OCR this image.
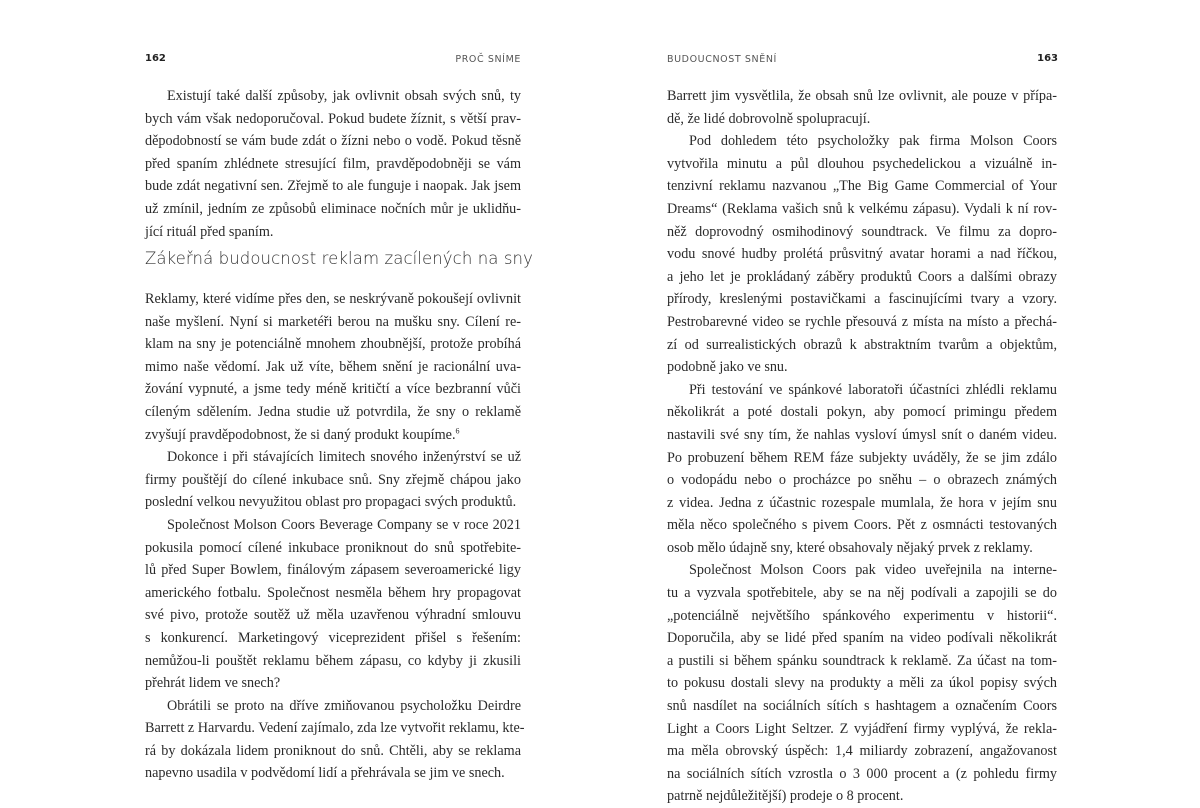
162	PROČ SNÍME

Existují také další způsoby, jak ovlivnit obsah svých snů, ty
bych vám však nedoporučoval. Pokud budete žíznit, s větší prav-
děpodobností se vám bude zdát o žízni nebo o vodě. Pokud těsně
před spaním zhlédnete stresující film, pravděpodobněji se vám
bude zdát negativní sen. Zřejmě to ale funguje i naopak. Jak jsem
už zmínil, jedním ze způsobů eliminace nočních můr je uklidňu-
jící rituál před spaním.

Zákeřná budoucnost reklam zacílených na sny

Reklamy, které vidíme přes den, se neskrývaně pokoušejí ovlivnit
naše myšlení. Nyní si marketéři berou na mušku sny. Cílení re-
klam na sny je potenciálně mnohem zhoubnější, protože probíhá
mimo naše vědomí. Jak už víte, během snění je racionální uva-
žování vypnuté, a jsme tedy méně kritičtí a více bezbranní vůči
cíleným sdělením. Jedna studie už potvrdila, že sny o reklamě
zvyšují pravděpodobnost, že si daný produkt koupíme.$^6$

Dokonce i při stávajících limitech snového inženýrství se už
firmy pouštějí do cílené inkubace snů. Sny zřejmě chápou jako
poslední velkou nevyužitou oblast pro propagaci svých produktů.

Společnost Molson Coors Beverage Company se v roce 2021
pokusila pomocí cílené inkubace proniknout do snů spotřebite-
lů před Super Bowlem, finálovým zápasem severoamerické ligy
amerického fotbalu. Společnost nesměla během hry propagovat
své pivo, protože soutěž už měla uzavřenou výhradní smlouvu
s konkurencí. Marketingový viceprezident přišel s řešením:
nemůžou-li pouštět reklamu během zápasu, co kdyby ji zkusili
přehrát lidem ve snech?

Obrátili se proto na dříve zmiňovanou psycholožku Deirdre
Barrett z Harvardu. Vedení zajímalo, zda lze vytvořit reklamu, kte-
rá by dokázala lidem proniknout do snů. Chtěli, aby se reklama
napevno usadila v podvědomí lidí a přehrávala se jim ve snech.

BUDOUCNOST SNĚNÍ	163

Barrett jim vysvětlila, že obsah snů lze ovlivnit, ale pouze v přípa-
dě, že lidé dobrovolně spolupracují.

Pod dohledem této psycholožky pak firma Molson Coors
vytvořila minutu a půl dlouhou psychedelickou a vizuálně in-
tenzivní reklamu nazvanou „The Big Game Commercial of Your
Dreams“ (Reklama vašich snů k velkému zápasu). Vydali k ní rov-
něž doprovodný osmihodinový soundtrack. Ve filmu za dopro-
vodu snové hudby prolétá průsvitný avatar horami a nad říčkou,
a jeho let je prokládaný záběry produktů Coors a dalšími obrazy
přírody, kreslenými postavičkami a fascinujícími tvary a vzory.
Pestrobarevné video se rychle přesouvá z místa na místo a přechá-
zí od surrealistických obrazů k abstraktním tvarům a objektům,
podobně jako ve snu.

Při testování ve spánkové laboratoři účastníci zhlédli reklamu
několikrát a poté dostali pokyn, aby pomocí primingu předem
nastavili své sny tím, že nahlas vysloví úmysl snít o daném videu.
Po probuzení během REM fáze subjekty uváděly, že se jim zdálo
o vodopádu nebo o procházce po sněhu – o obrazech známých
z videa. Jedna z účastnic rozespale mumlala, že hora v jejím snu
měla něco společného s pivem Coors. Pět z osmnácti testovaných
osob mělo údajně sny, které obsahovaly nějaký prvek z reklamy.

Společnost Molson Coors pak video uveřejnila na interne-
tu a vyzvala spotřebitele, aby se na něj podívali a zapojili se do
„potenciálně největšího spánkového experimentu v historii“.
Doporučila, aby se lidé před spaním na video podívali několikrát
a pustili si během spánku soundtrack k reklamě. Za účast na tom-
to pokusu dostali slevy na produkty a měli za úkol popisy svých
snů nasdílet na sociálních sítích s hashtagem a označením Coors
Light a Coors Light Seltzer. Z vyjádření firmy vyplývá, že rekla-
ma měla obrovský úspěch: 1,4 miliardy zobrazení, angažovanost
na sociálních sítích vzrostla o 3 000 procent a (z pohledu firmy
patrně nejdůležitější) prodeje o 8 procent.
